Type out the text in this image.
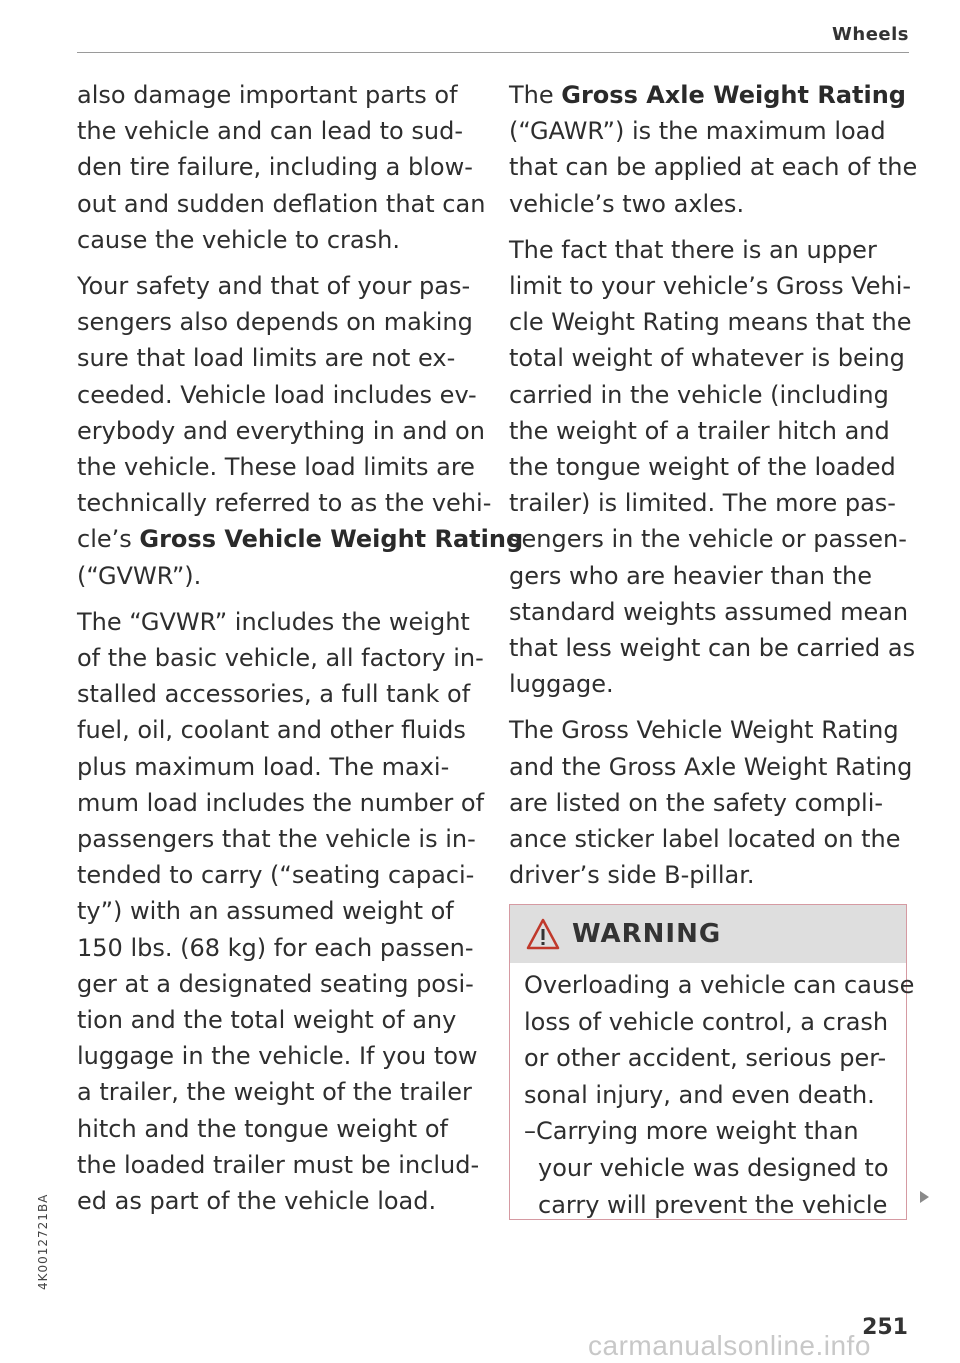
Wheels

also damage important parts of
the vehicle and can lead to sud-
den tire failure, including a blow-
out and sudden deflation that can
cause the vehicle to crash.

Your safety and that of your pas-
sengers also depends on making
sure that load limits are not ex-
ceeded. Vehicle load includes ev-
erybody and everything in and on
the vehicle. These load limits are
technically referred to as the vehi-
cle’s Gross Vehicle Weight Rating
(“GVWR”).

The “GVWR” includes the weight
of the basic vehicle, all factory in-
stalled accessories, a full tank of
fuel, oil, coolant and other fluids
plus maximum load. The maxi-
mum load includes the number of
passengers that the vehicle is in-
tended to carry (“seating capaci-
ty”) with an assumed weight of
150 lbs. (68 kg) for each passen-
ger at a designated seating posi-
tion and the total weight of any
luggage in the vehicle. If you tow
a trailer, the weight of the trailer
hitch and the tongue weight of
the loaded trailer must be includ-
ed as part of the vehicle load.

The Gross Axle Weight Rating
(“GAWR”) is the maximum load
that can be applied at each of the
vehicle’s two axles.

The fact that there is an upper
limit to your vehicle’s Gross Vehi-
cle Weight Rating means that the
total weight of whatever is being
carried in the vehicle (including
the weight of a trailer hitch and
the tongue weight of the loaded
trailer) is limited. The more pas-
sengers in the vehicle or passen-
gers who are heavier than the
standard weights assumed mean
that less weight can be carried as
luggage.

The Gross Vehicle Weight Rating
and the Gross Axle Weight Rating
are listed on the safety compli-
ance sticker label located on the
driver’s side B-pillar.

WARNING
Overloading a vehicle can cause
loss of vehicle control, a crash
or other accident, serious per-
sonal injury, and even death.
–Carrying more weight than
your vehicle was designed to
carry will prevent the vehicle
4K0012721BA
251
carmanualsonline.info
